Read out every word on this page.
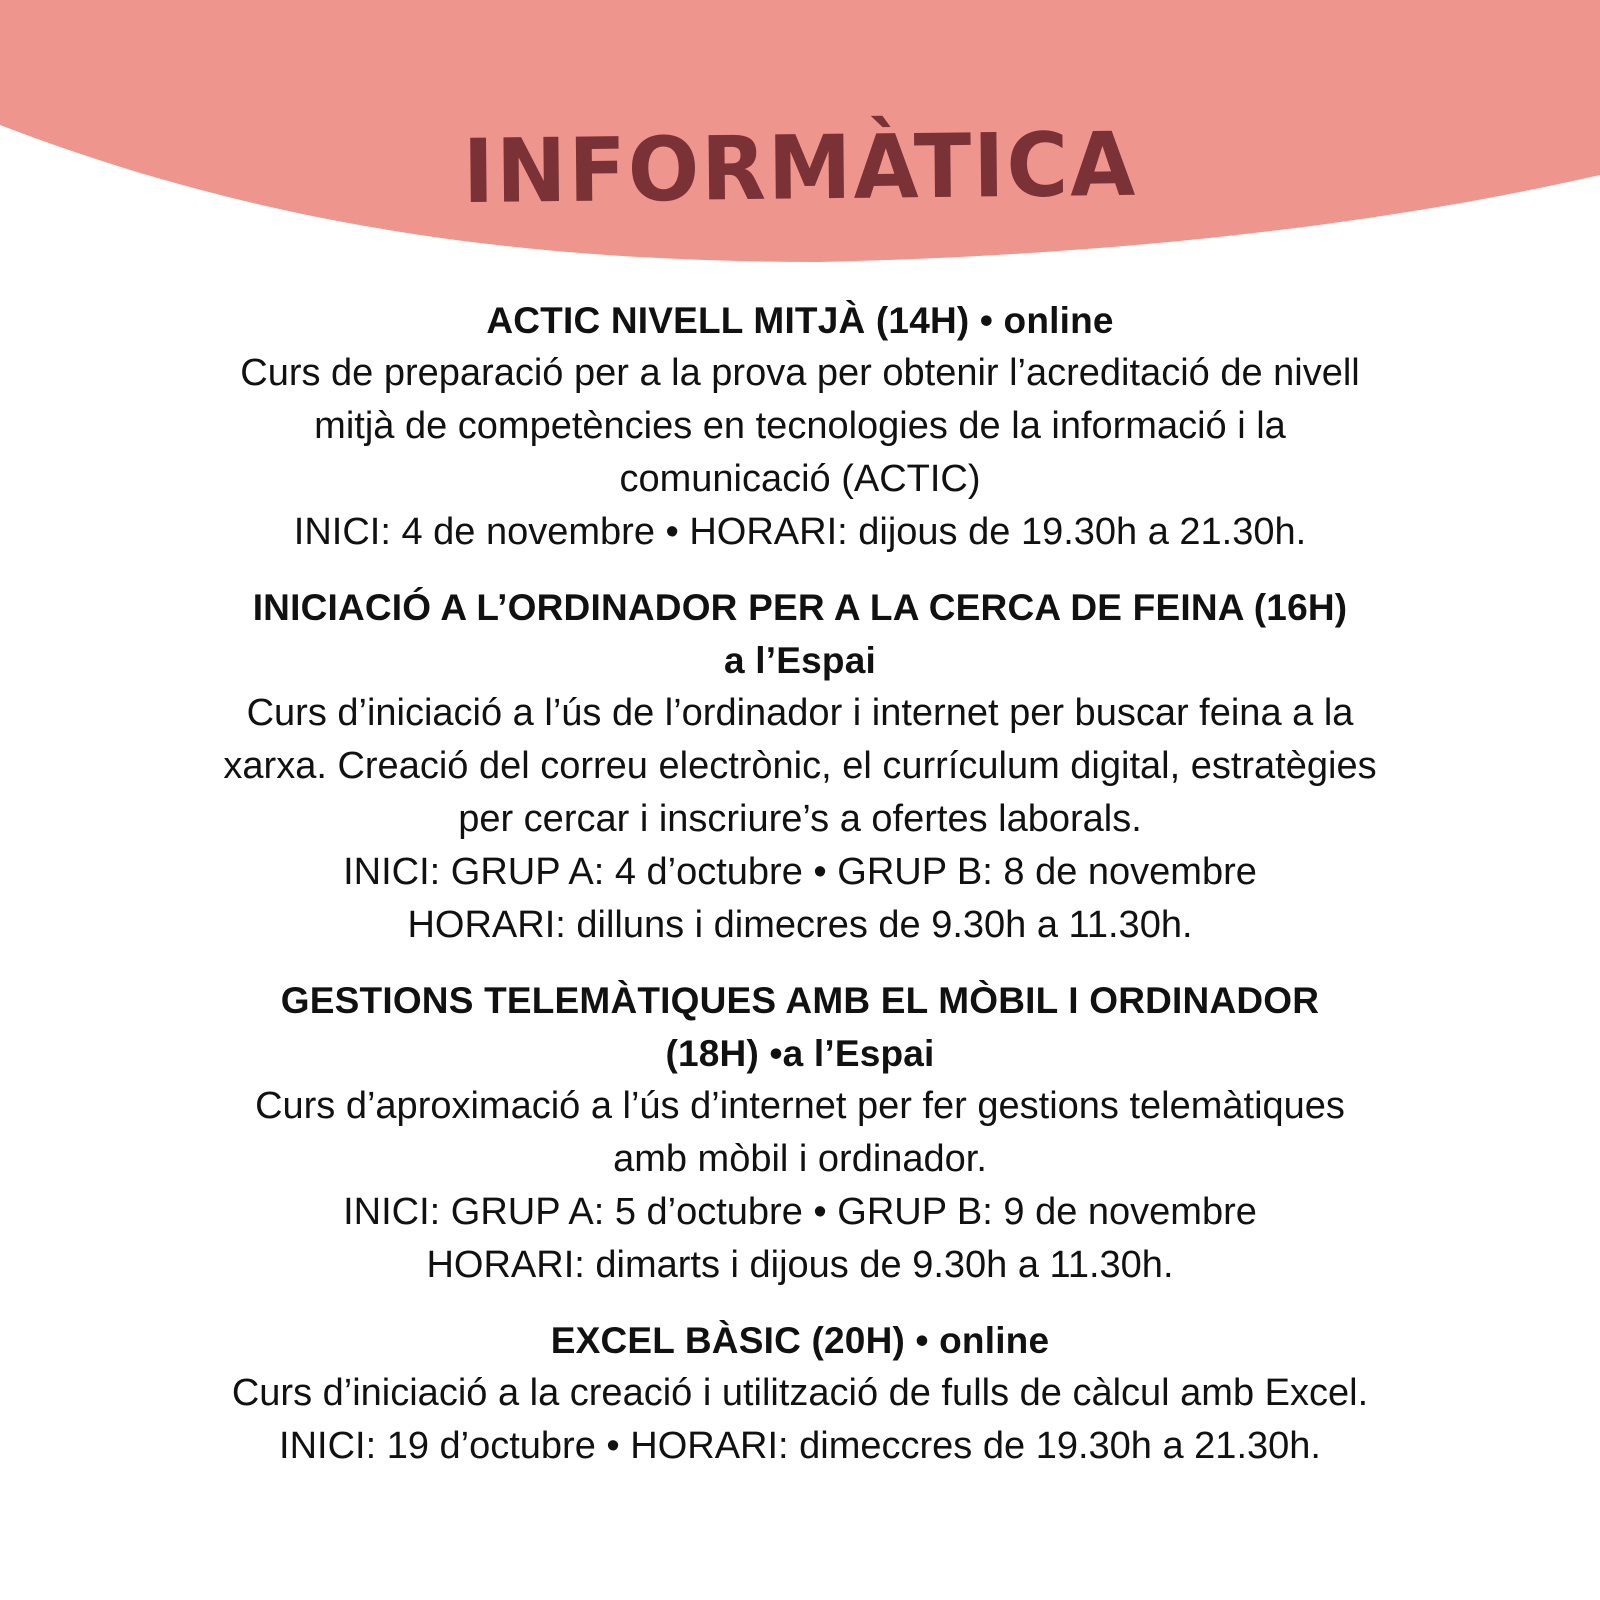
INFORMÀTICA

ACTIC NIVELL MITJÀ (14H) • online

Curs de preparació per a la prova per obtenir l’acreditació de nivell

mitjà de competències en tecnologies de la informació i la

comunicació (ACTIC)

INICI: 4 de novembre • HORARI: dijous de 19.30h a 21.30h.

INICIACIÓ A L’ORDINADOR PER A LA CERCA DE FEINA (16H)

a l’Espai

Curs d’iniciació a l’ús de l’ordinador i internet per buscar feina a la

xarxa. Creació del correu electrònic, el currículum digital, estratègies

per cercar i inscriure’s a ofertes laborals.

INICI: GRUP A: 4 d’octubre • GRUP B: 8 de novembre

HORARI: dilluns i dimecres de 9.30h a 11.30h.

GESTIONS TELEMÀTIQUES AMB EL MÒBIL I ORDINADOR

(18H) •a l’Espai

Curs d’aproximació a l’ús d’internet per fer gestions telemàtiques

amb mòbil i ordinador.

INICI: GRUP A: 5 d’octubre • GRUP B: 9 de novembre

HORARI: dimarts i dijous de 9.30h a 11.30h.

EXCEL BÀSIC (20H) • online

Curs d’iniciació a la creació i utilització de fulls de càlcul amb Excel.

INICI: 19 d’octubre • HORARI: dimeccres de 19.30h a 21.30h.
